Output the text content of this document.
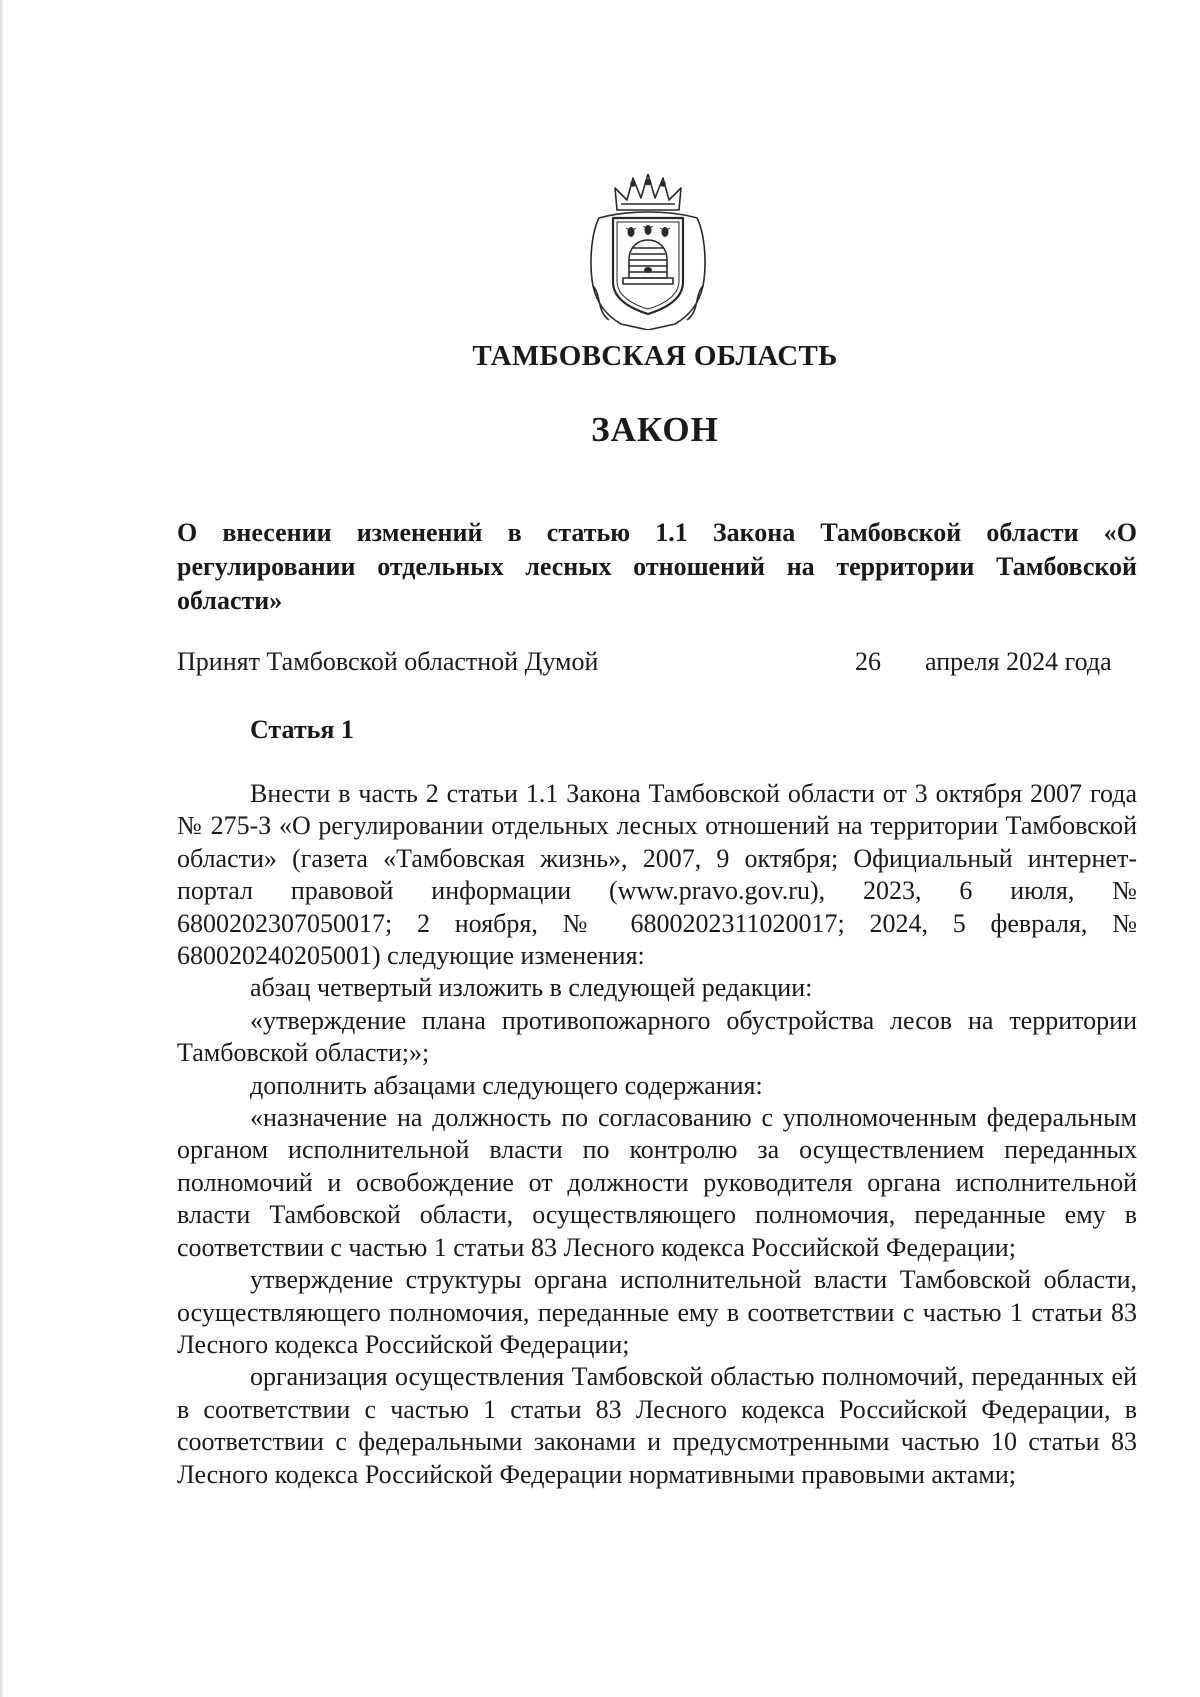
ТАМБОВСКАЯ ОБЛАСТЬ
ЗАКОН
О внесении изменений в статью 1.1 Закона Тамбовской области «О регулировании отдельных лесных отношений на территории Тамбовской области»
Принят Тамбовской областной Думой	26 апреля 2024 года
Статья 1

Внести в часть 2 статьи 1.1 Закона Тамбовской области от 3 октября 2007 года № 275-З «О регулировании отдельных лесных отношений на территории Тамбовской области» (газета «Тамбовская жизнь», 2007, 9 октября; Официальный интернет-портал правовой информации (www.pravo.gov.ru), 2023, 6 июля, № 6800202307050017; 2 ноября, № 6800202311020017; 2024, 5 февраля, № 680020240205001) следующие изменения:

абзац четвертый изложить в следующей редакции:

«утверждение плана противопожарного обустройства лесов на территории Тамбовской области;»;

дополнить абзацами следующего содержания:

«назначение на должность по согласованию с уполномоченным федеральным органом исполнительной власти по контролю за осуществлением переданных полномочий и освобождение от должности руководителя органа исполнительной власти Тамбовской области, осуществляющего полномочия, переданные ему в соответствии с частью 1 статьи 83 Лесного кодекса Российской Федерации;

утверждение структуры органа исполнительной власти Тамбовской области, осуществляющего полномочия, переданные ему в соответствии с частью 1 статьи 83 Лесного кодекса Российской Федерации;

организация осуществления Тамбовской областью полномочий, переданных ей в соответствии с частью 1 статьи 83 Лесного кодекса Российской Федерации, в соответствии с федеральными законами и предусмотренными частью 10 статьи 83 Лесного кодекса Российской Федерации нормативными правовыми актами;
